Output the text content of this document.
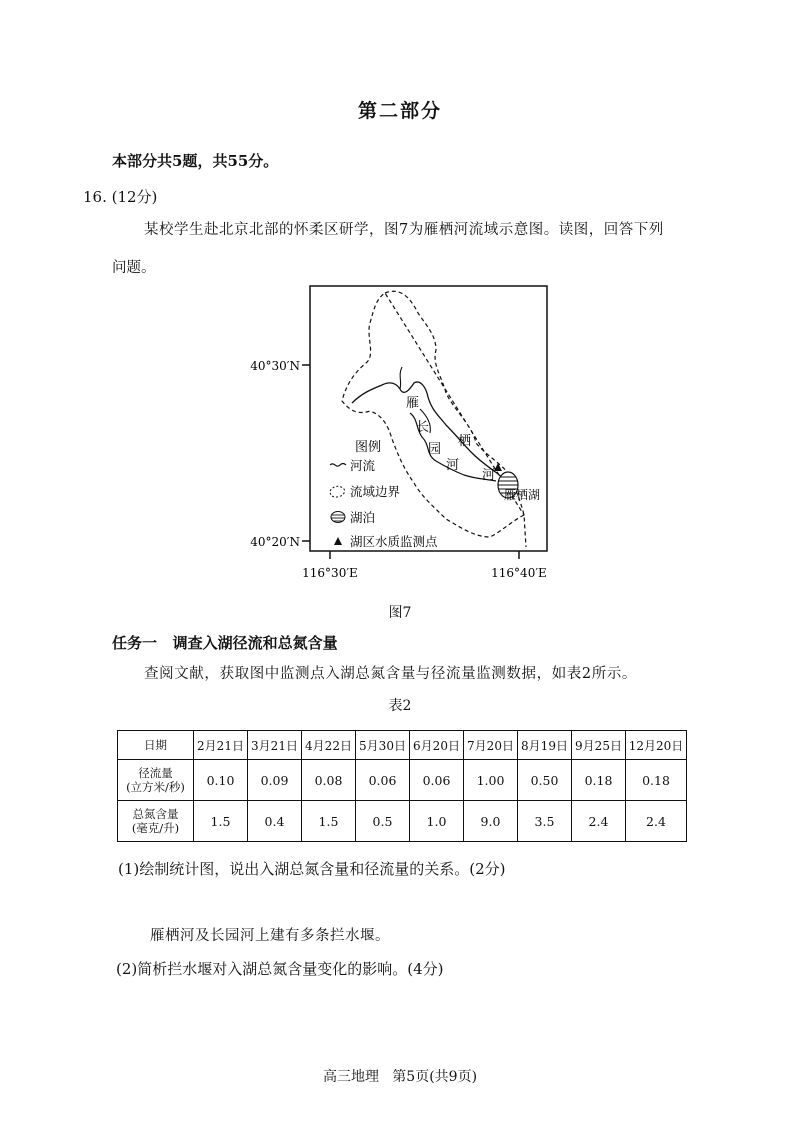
第二部分
本部分共5题，共55分。
16. (12分)
某校学生赴北京北部的怀柔区研学，图7为雁栖河流域示意图。读图，回答下列
问题。
40°30′N
40°20′N
116°30′E	116°40′E
雁
栖
河
长
园
河
雁栖湖
图例
河流
流域边界
湖泊
湖区水质监测点
图7
任务一   调查入湖径流和总氮含量
查阅文献，获取图中监测点入湖总氮含量与径流量监测数据，如表2所示。
表2
日期	2月21日	3月21日	4月22日	5月30日	6月20日	7月20日	8月19日	9月25日	12月20日

径流量
(立方米/秒)	0.10	0.09	0.08	0.06	0.06	1.00	0.50	0.18	0.18

总氮含量
(毫克/升)	1.5	0.4	1.5	0.5	1.0	9.0	3.5	2.4	2.4
(1)绘制统计图，说出入湖总氮含量和径流量的关系。(2分)
雁栖河及长园河上建有多条拦水堰。
(2)简析拦水堰对入湖总氮含量变化的影响。(4分)
高三地理   第5页(共9页)
